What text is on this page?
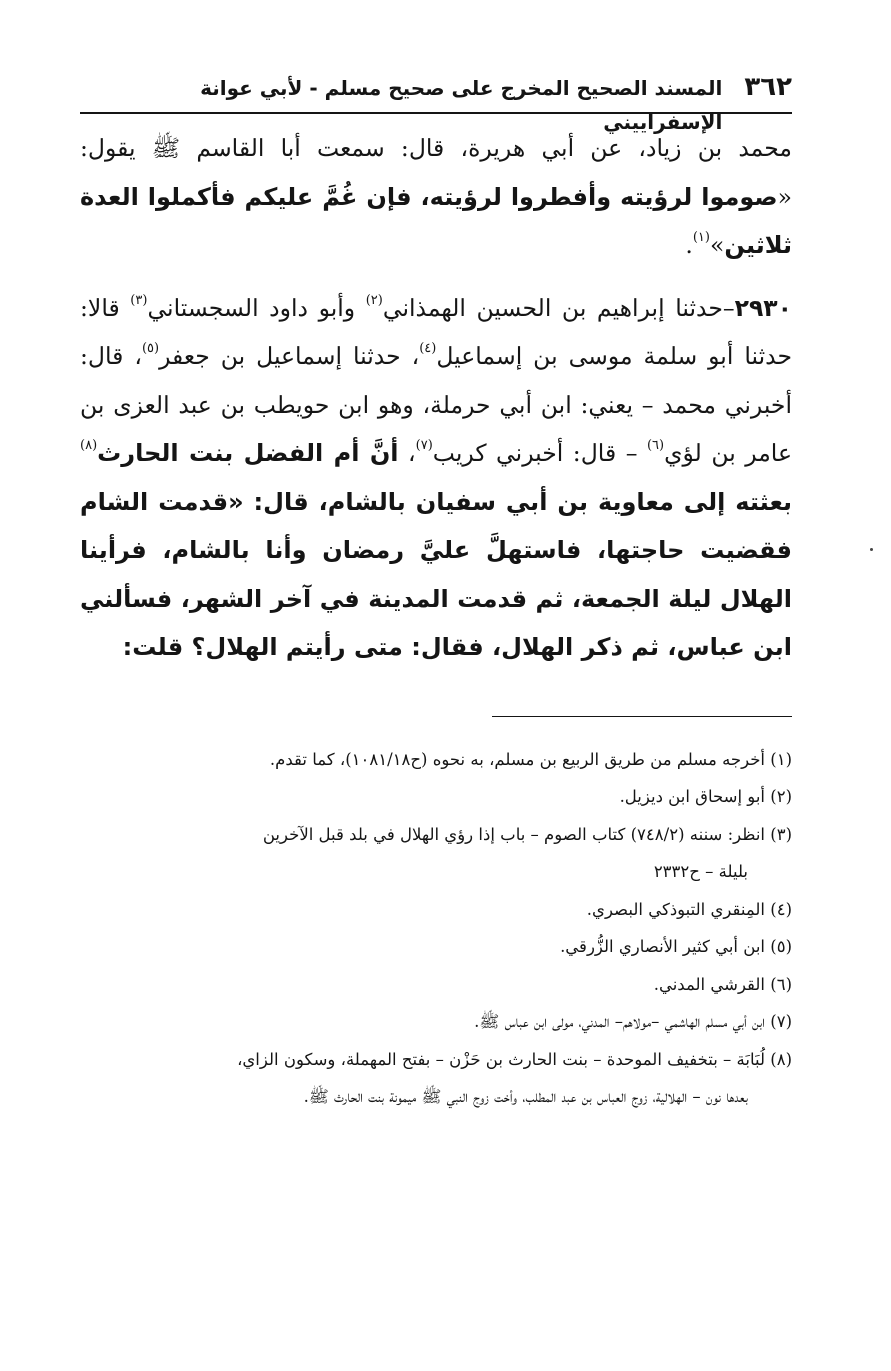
٣٦٢
المسند الصحيح المخرج على صحيح مسلم - لأبي عوانة الإسفراييني

محمد بن زياد، عن أبي هريرة، قال: سمعت أبا القاسم ﷺ يقول: «صوموا لرؤيته وأفطروا لرؤيته، فإن غُمَّ عليكم فأكملوا العدة ثلاثين»$^{(١)}$.

٢٩٣٠–حدثنا إبراهيم بن الحسين الهمذاني$^{(٢)}$ وأبو داود السجستاني$^{(٣)}$ قالا: حدثنا أبو سلمة موسى بن إسماعيل$^{(٤)}$، حدثنا إسماعيل بن جعفر$^{(٥)}$، قال: أخبرني محمد – يعني: ابن أبي حرملة، وهو ابن حويطب بن عبد العزى بن عامر بن لؤي$^{(٦)}$ – قال: أخبرني كريب$^{(٧)}$، أنَّ أم الفضل بنت الحارث$^{(٨)}$ بعثته إلى معاوية بن أبي سفيان بالشام، قال: «قدمت الشام فقضيت حاجتها، فاستهلَّ عليَّ رمضان وأنا بالشام، فرأينا الهلال ليلة الجمعة، ثم قدمت المدينة في آخر الشهر، فسألني ابن عباس، ثم ذكر الهلال، فقال: متى رأيتم الهلال؟ قلت:

(١) أخرجه مسلم من طريق الربيع بن مسلم، به نحوه (ح١٠٨١/١٨)، كما تقدم.

(٢) أبو إسحاق ابن ديزيل.

(٣) انظر: سننه (٧٤٨/٢) كتاب الصوم – باب إذا رؤي الهلال في بلد قبل الآخرين
بليلة – ح٢٣٣٢

(٤) المِنقري التبوذكي البصري.

(٥) ابن أبي كثير الأنصاري الزُّرقي.

(٦) القرشي المدني.

(٧) ابن أبي مسلم الهاشمي –مولاهم– المدني، مولى ابن عباس ﷺ.

(٨) لُبَابَة – بتخفيف الموحدة – بنت الحارث بن حَزْن – بفتح المهملة، وسكون الزاي،
بعدها نون – الهلالية، زوج العباس بن عبد المطلب، وأخت زوج النبي ﷺ ميمونة بنت الحارث ﷺ.
